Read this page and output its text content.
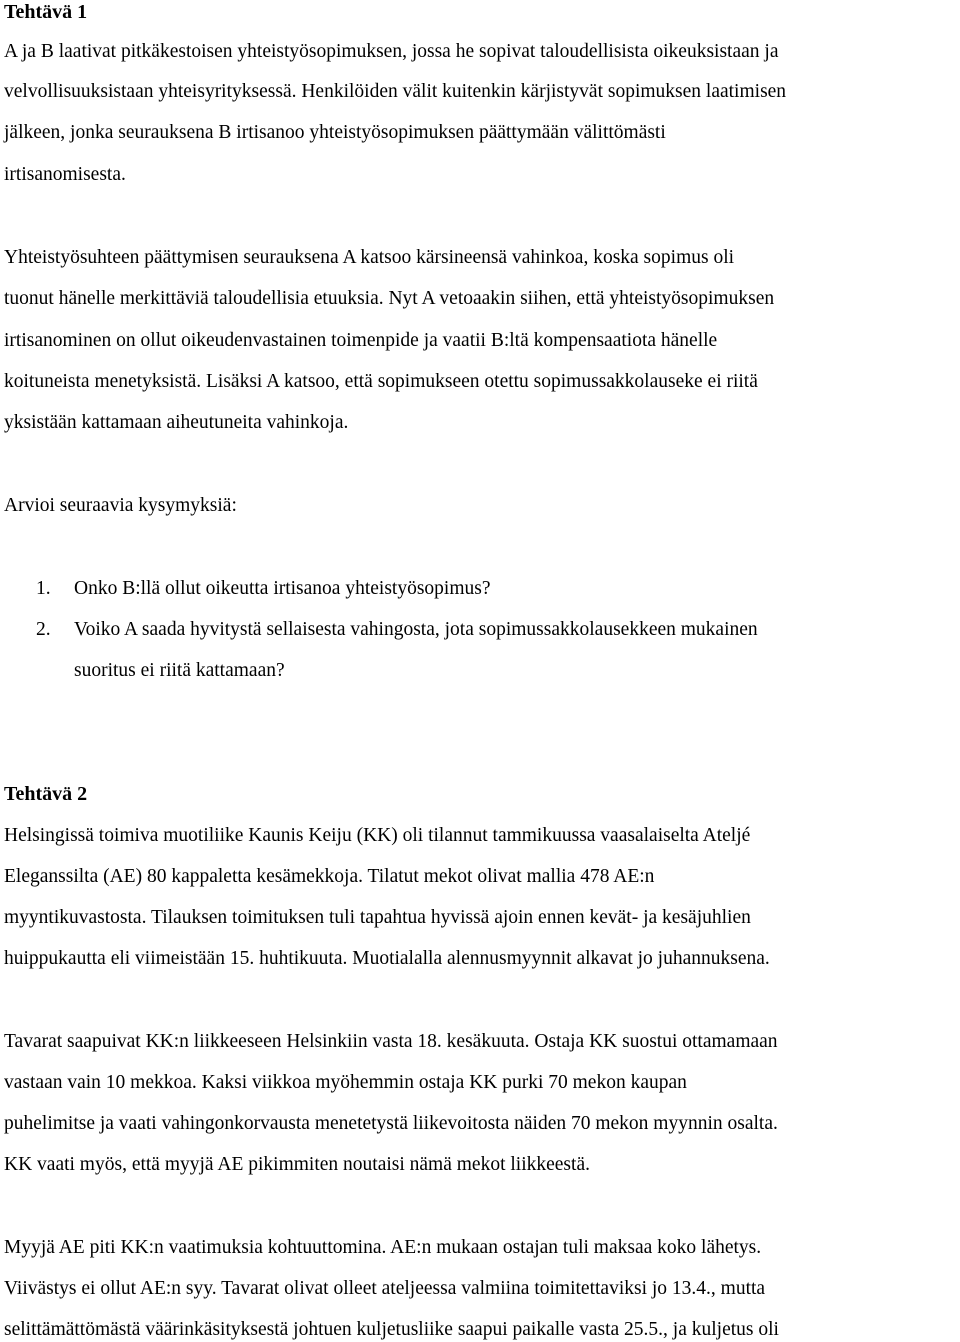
Tehtävä 1

A ja B laativat pitkäkestoisen yhteistyösopimuksen, jossa he sopivat taloudellisista oikeuksistaan ja

velvollisuuksistaan yhteisyrityksessä. Henkilöiden välit kuitenkin kärjistyvät sopimuksen laatimisen

jälkeen, jonka seurauksena B irtisanoo yhteistyösopimuksen päättymään välittömästi

irtisanomisesta.

Yhteistyösuhteen päättymisen seurauksena A katsoo kärsineensä vahinkoa, koska sopimus oli

tuonut hänelle merkittäviä taloudellisia etuuksia. Nyt A vetoaakin siihen, että yhteistyösopimuksen

irtisanominen on ollut oikeudenvastainen toimenpide ja vaatii B:ltä kompensaatiota hänelle

koituneista menetyksistä. Lisäksi A katsoo, että sopimukseen otettu sopimussakkolauseke ei riitä

yksistään kattamaan aiheutuneita vahinkoja.

Arvioi seuraavia kysymyksiä:

1. Onko B:llä ollut oikeutta irtisanoa yhteistyösopimus?
2. Voiko A saada hyvitystä sellaisesta vahingosta, jota sopimussakkolausekkeen mukainen
suoritus ei riitä kattamaan?
Tehtävä 2

Helsingissä toimiva muotiliike Kaunis Keiju (KK) oli tilannut tammikuussa vaasalaiselta Ateljé

Eleganssilta (AE) 80 kappaletta kesämekkoja. Tilatut mekot olivat mallia 478 AE:n

myyntikuvastosta. Tilauksen toimituksen tuli tapahtua hyvissä ajoin ennen kevät- ja kesäjuhlien

huippukautta eli viimeistään 15. huhtikuuta. Muotialalla alennusmyynnit alkavat jo juhannuksena.

Tavarat saapuivat KK:n liikkeeseen Helsinkiin vasta 18. kesäkuuta. Ostaja KK suostui ottamamaan

vastaan vain 10 mekkoa. Kaksi viikkoa myöhemmin ostaja KK purki 70 mekon kaupan

puhelimitse ja vaati vahingonkorvausta menetetystä liikevoitosta näiden 70 mekon myynnin osalta.

KK vaati myös, että myyjä AE pikimmiten noutaisi nämä mekot liikkeestä.

Myyjä AE piti KK:n vaatimuksia kohtuuttomina. AE:n mukaan ostajan tuli maksaa koko lähetys.

Viivästys ei ollut AE:n syy. Tavarat olivat olleet ateljeessa valmiina toimitettaviksi jo 13.4., mutta

selittämättömästä väärinkäsityksestä johtuen kuljetusliike saapui paikalle vasta 25.5., ja kuljetus oli
